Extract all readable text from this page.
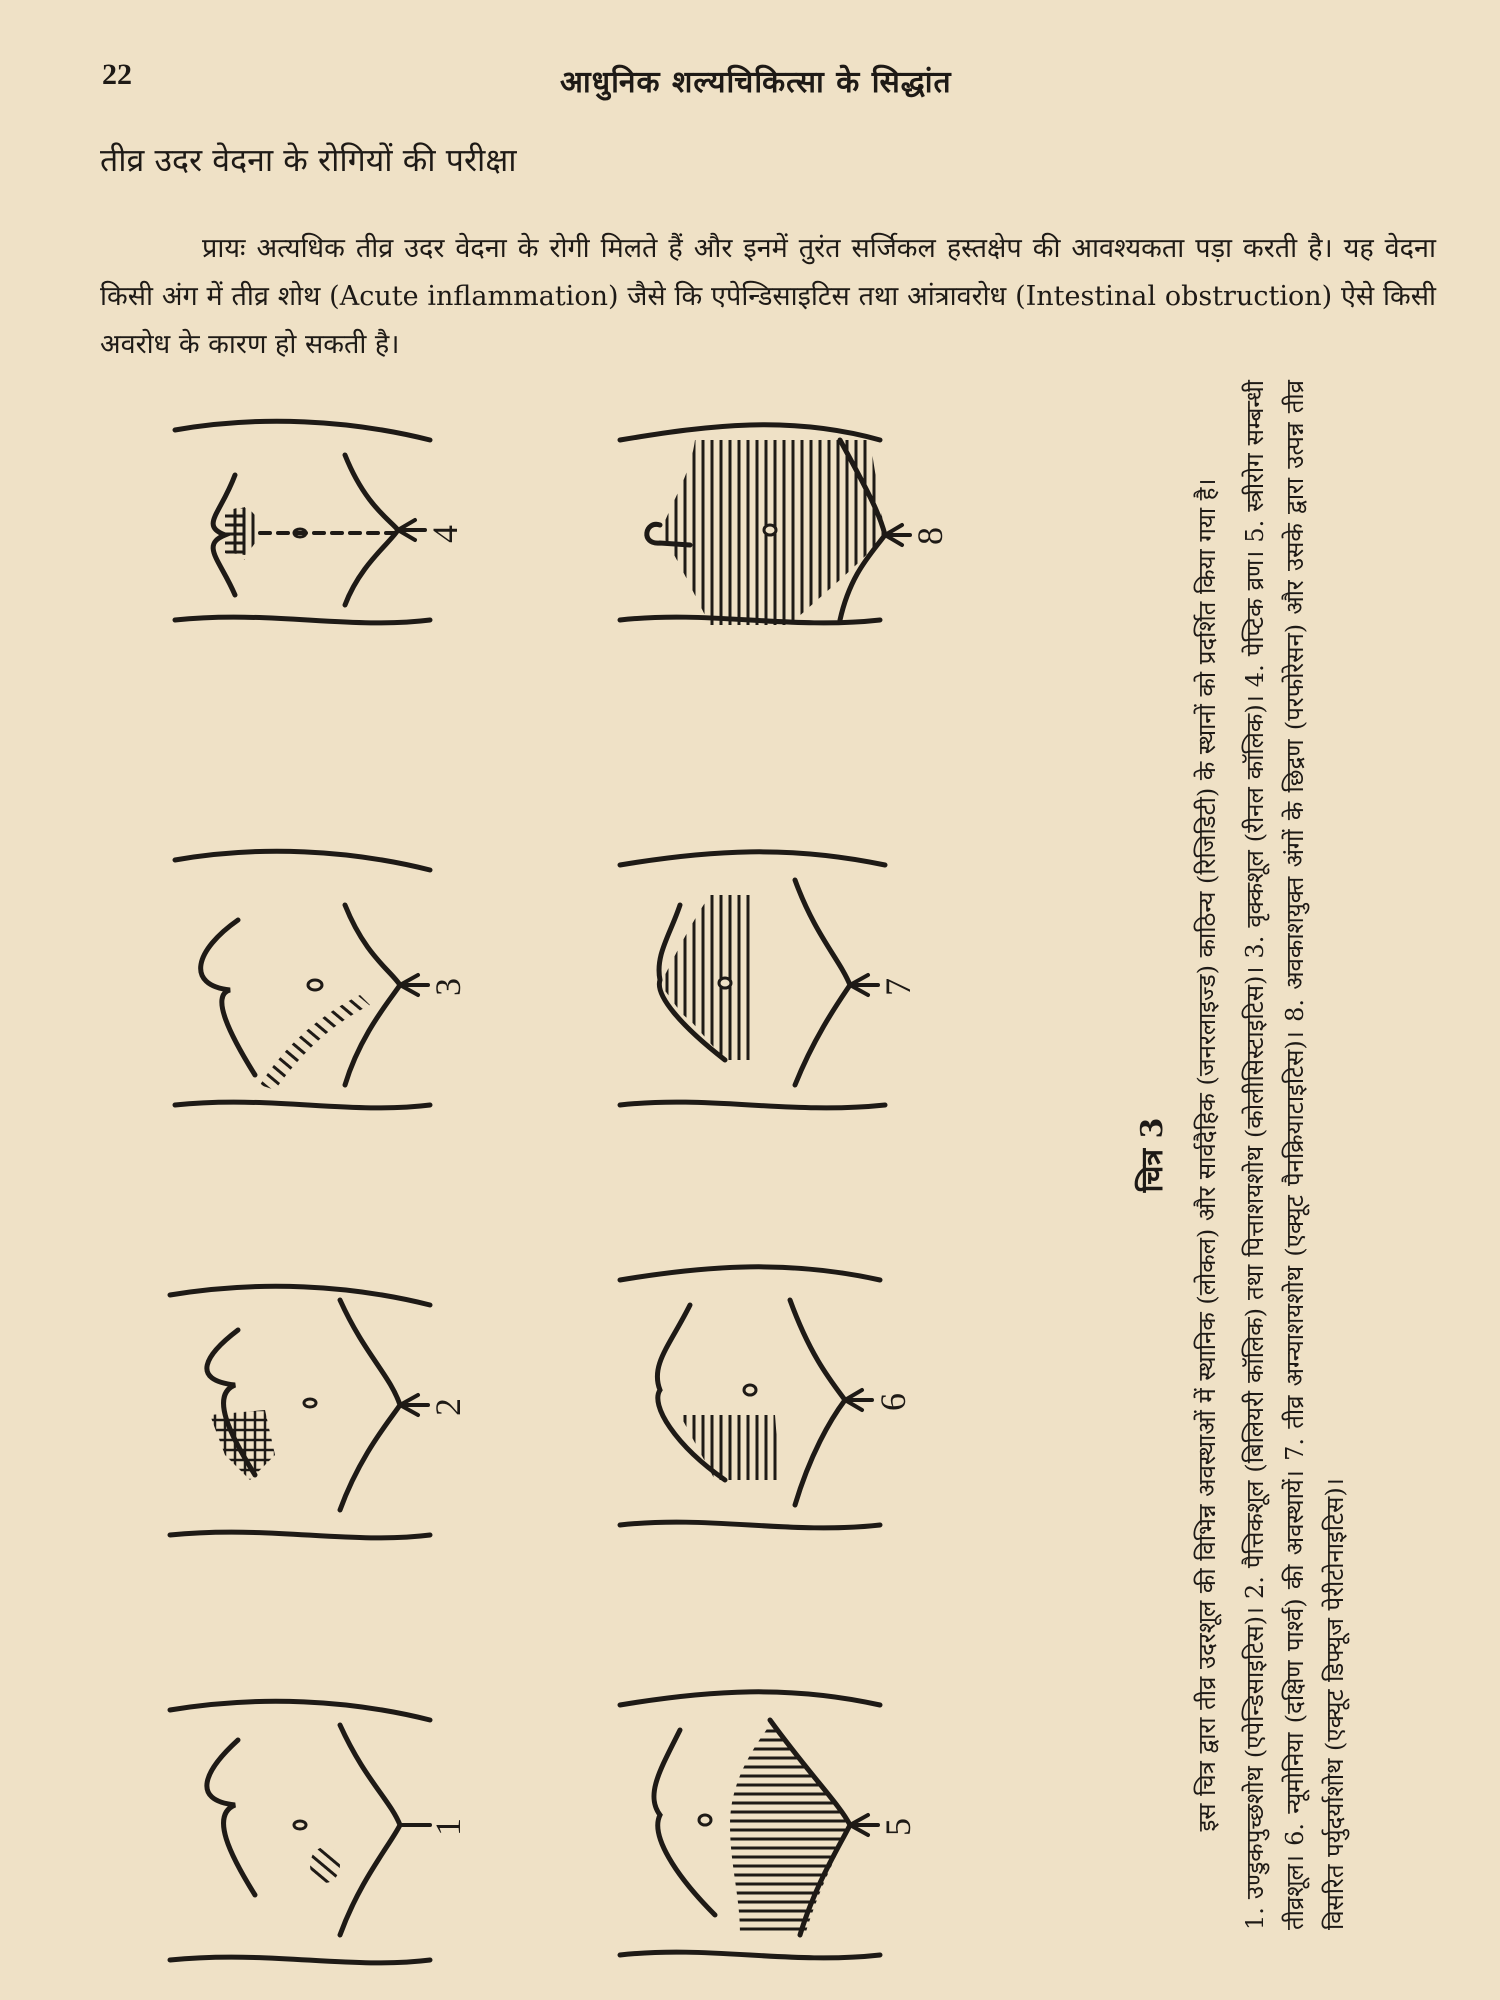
22	आधुनिक शल्यचिकित्सा के सिद्धांत
तीव्र उदर वेदना के रोगियों की परीक्षा

प्रायः अत्यधिक तीव्र उदर वेदना के रोगी मिलते हैं और इनमें तुरंत सर्जिकल हस्तक्षेप की आवश्यकता पड़ा करती है। यह वेदना किसी अंग में तीव्र शोथ (Acute inflammation) जैसे कि एपेन्डिसाइटिस तथा आंत्रावरोध (Intestinal obstruction) ऐसे किसी अवरोध के कारण हो सकती है।

4	8
3	7
2	6
1	5
चित्र 3 इस चित्र द्वारा तीव्र उदरशूल की विभिन्न अवस्थाओं में स्थानिक (लोकल) और सार्वदैहिक (जनरलाइज्ड) काठिन्य (रिजिडिटी) के स्थानों को प्रदर्शित किया गया है। 1. उण्डुकपुच्छशोथ (एपेन्डिसाइटिस)। 2. पैत्तिकशूल (बिलियरी कॉलिक) तथा पित्ताशयशोथ (कोलीसिस्टाइटिस)। 3. वृक्कशूल (रीनल कॉलिक)। 4. पेप्टिक व्रण। 5. स्त्रीरोग सम्बन्धी तीव्रशूल। 6. न्यूमोनिया (दक्षिण पार्श्व) की अवस्थायें। 7. तीव्र अग्न्याशयशोथ (एक्यूट पैनक्रियाटाइटिस)। 8. अवकाशयुक्त अंगों के छिद्रण (परफोरेसन) और उसके द्वारा उत्पन्न तीव्र विसरित पर्युदर्याशोथ (एक्यूट डिफ्यूज पेरीटोनाइटिस)।
